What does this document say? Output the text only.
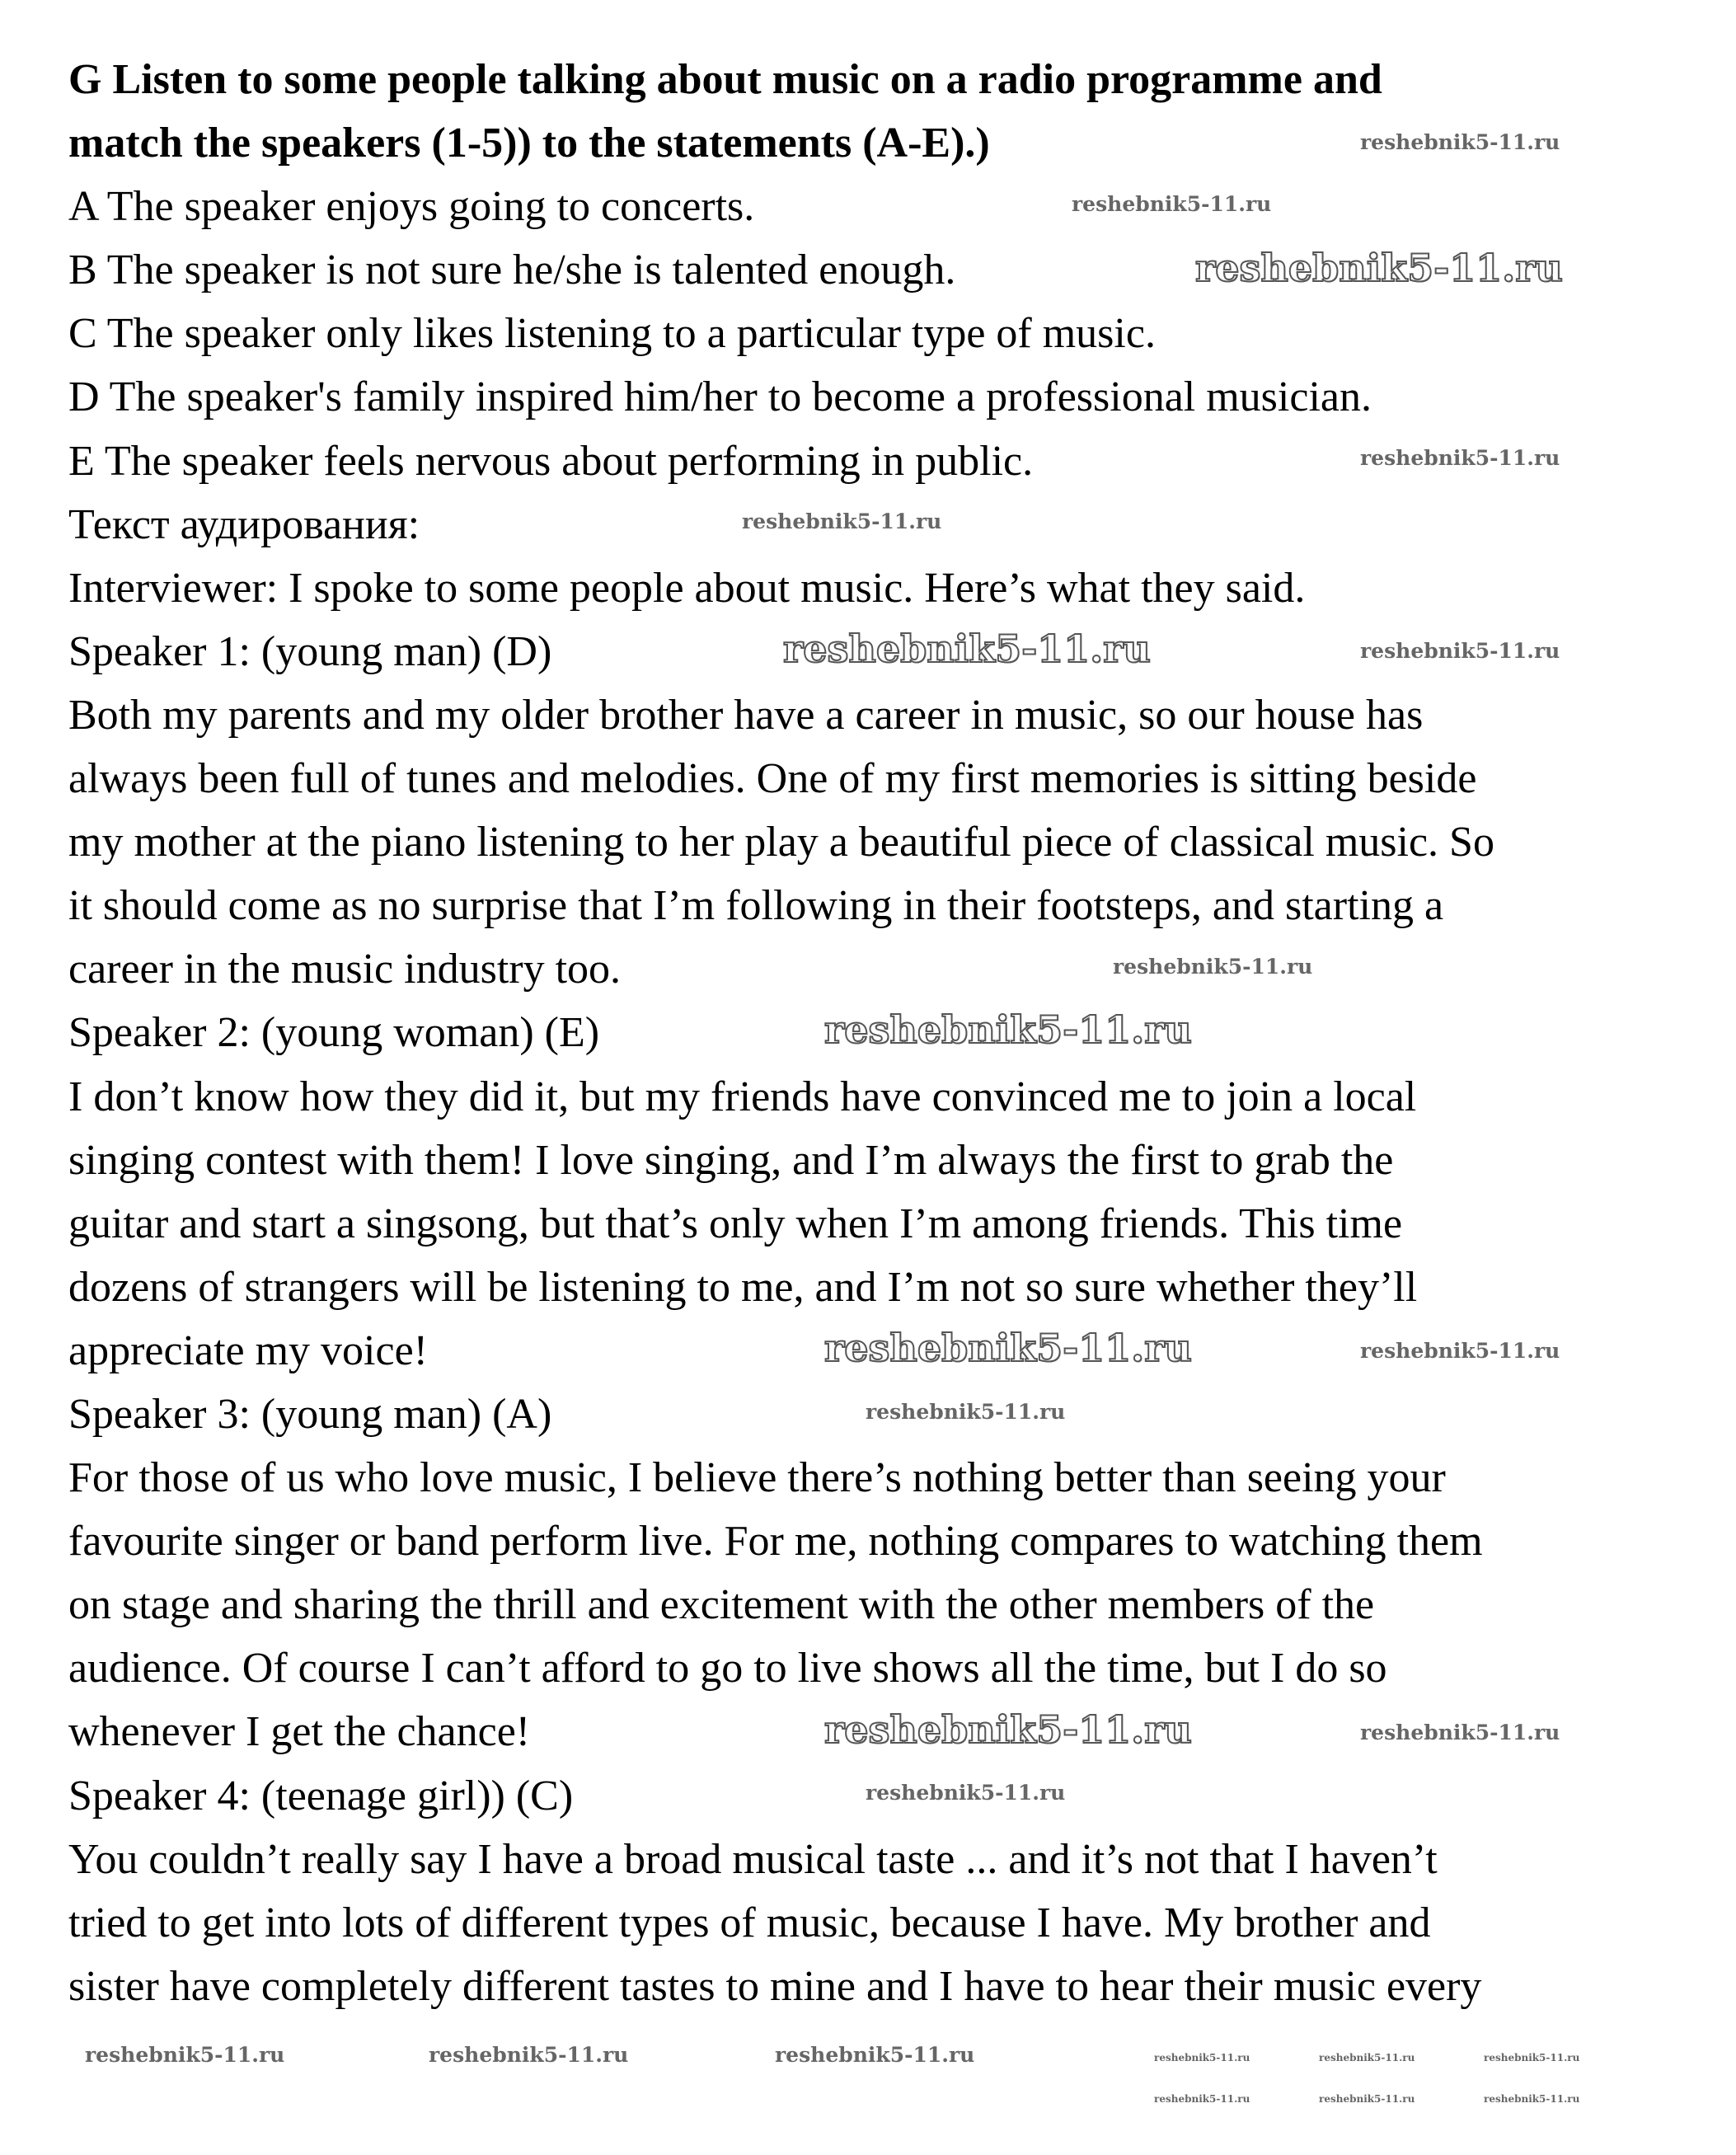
G Listen to some people talking about music on a radio programme and
match the speakers (1-5)) to the statements (A-E).)
A The speaker enjoys going to concerts.
B The speaker is not sure he/she is talented enough.
C The speaker only likes listening to a particular type of music.
D The speaker's family inspired him/her to become a professional musician.
E The speaker feels nervous about performing in public.
Текст аудирования:
Interviewer: I spoke to some people about music. Here’s what they said.
Speaker 1: (young man) (D)
Both my parents and my older brother have a career in music, so our house has
always been full of tunes and melodies. One of my first memories is sitting beside
my mother at the piano listening to her play a beautiful piece of classical music. So
it should come as no surprise that I’m following in their footsteps, and starting a
career in the music industry too.
Speaker 2: (young woman) (E)
I don’t know how they did it, but my friends have convinced me to join a local
singing contest with them! I love singing, and I’m always the first to grab the
guitar and start a singsong, but that’s only when I’m among friends. This time
dozens of strangers will be listening to me, and I’m not so sure whether they’ll
appreciate my voice!
Speaker 3: (young man) (A)
For those of us who love music, I believe there’s nothing better than seeing your
favourite singer or band perform live. For me, nothing compares to watching them
on stage and sharing the thrill and excitement with the other members of the
audience. Of course I can’t afford to go to live shows all the time, but I do so
whenever I get the chance!
Speaker 4: (teenage girl)) (C)
You couldn’t really say I have a broad musical taste ... and it’s not that I haven’t
tried to get into lots of different types of music, because I have. My brother and
sister have completely different tastes to mine and I have to hear their music every
reshebnik5-11.ru
reshebnik5-11.ru
reshebnik5-11.ru
reshebnik5-11.ru
reshebnik5-11.ru
reshebnik5-11.ru	reshebnik5-11.ru
reshebnik5-11.ru
reshebnik5-11.ru
reshebnik5-11.ru	reshebnik5-11.ru
reshebnik5-11.ru
reshebnik5-11.ru	reshebnik5-11.ru
reshebnik5-11.ru
reshebnik5-11.ru	reshebnik5-11.ru	reshebnik5-11.ru	reshebnik5-11.ru	reshebnik5-11.ru	reshebnik5-11.ru
reshebnik5-11.ru	reshebnik5-11.ru	reshebnik5-11.ru
